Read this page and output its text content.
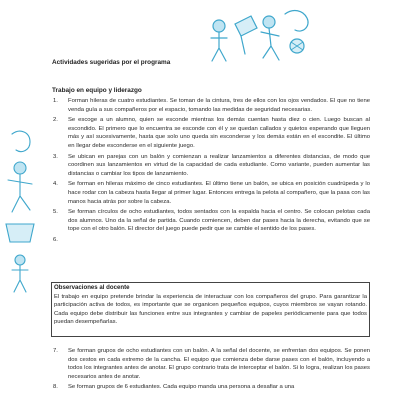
Actividades sugeridas por el programa
Trabajo en equipo y liderazgo
1.	Forman hileras de cuatro estudiantes. Se toman de la cintura, tres de ellos con los ojos vendados. El que no tiene venda guía a sus compañeros por el espacio, tomando las medidas de seguridad necesarias.
2.	Se escoge a un alumno, quien se esconde mientras los demás cuentan hasta diez o cien. Luego buscan al escondido. El primero que lo encuentra se esconde con él y se quedan callados y quietos esperando que lleguen más y así sucesivamente, hasta que solo uno queda sin esconderse y los demás están en el escondite. El último en llegar debe esconderse en el siguiente juego.
3.	Se ubican en parejas con un balón y comienzan a realizar lanzamientos a diferentes distancias, de modo que coordinen sus lanzamientos en virtud de la capacidad de cada estudiante. Como variante, pueden aumentar las distancias o cambiar los tipos de lanzamiento.
4.	Se forman en hileras máximo de cinco estudiantes. El último tiene un balón, se ubica en posición cuadrúpeda y lo hace rodar con la cabeza hasta llegar al primer lugar. Entonces entrega la pelota al compañero, que la pasa con las manos hacia atrás por sobre la cabeza.
5.	Se forman círculos de ocho estudiantes, todos sentados con la espalda hacia el centro. Se colocan pelotas cada dos alumnos. Uno da la señal de partida. Cuando comiencen, deben dar pases hacia la derecha, evitando que se tope con el otro balón. El director del juego puede pedir que se cambie el sentido de los pases.
6.
Observaciones al docente
El trabajo en equipo pretende brindar la experiencia de interactuar con los compañeros del grupo. Para garantizar la participación activa de todos, es importante que se organicen pequeños equipos, cuyos miembros se vayan rotando. Cada equipo debe distribuir las funciones entre sus integrantes y cambiar de papeles periódicamente para que todos puedan desempeñarlas.
7.	Se forman grupos de ocho estudiantes con un balón. A la señal del docente, se enfrentan dos equipos. Se ponen dos cestos en cada extremo de la cancha. El equipo que comienza debe darse pases con el balón, incluyendo a todos los integrantes antes de anotar. El grupo contrario trata de interceptar el balón. Si lo logra, realizan los pases necesarios antes de anotar.
8.	Se forman grupos de 6 estudiantes. Cada equipo manda una persona a desafiar a una
